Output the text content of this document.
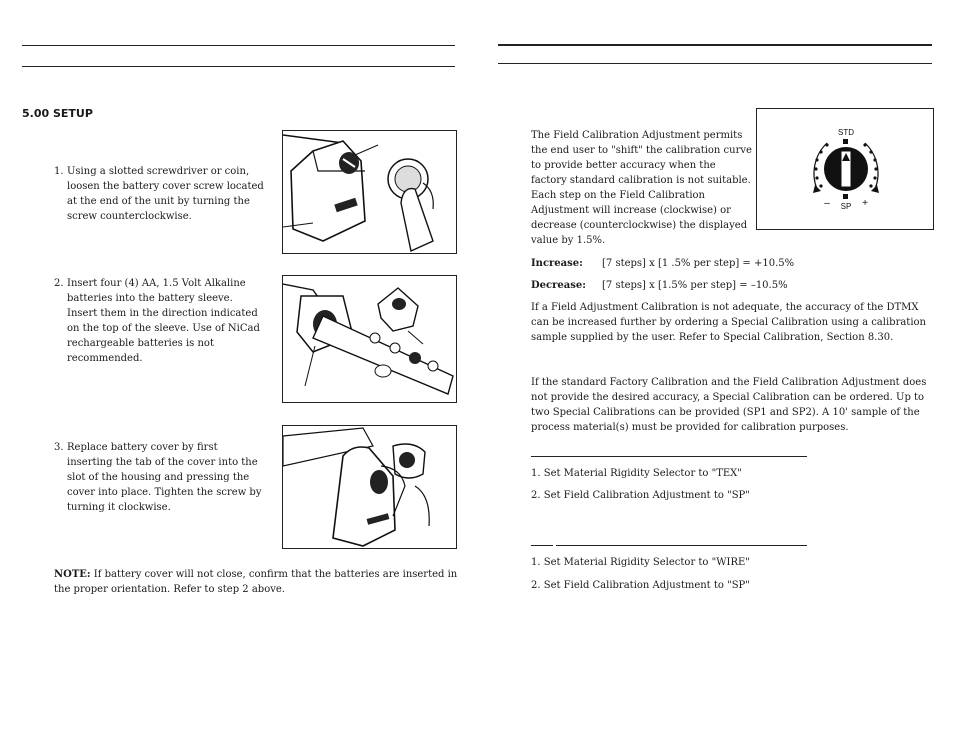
5.00 SETUP
1. Using a slotted screwdriver or coin, loosen the battery cover screw located at the end of the unit by turning the screw counterclockwise.
2. Insert four (4) AA, 1.5 Volt Alkaline batteries into the battery sleeve. Insert them in the direction indicated on the top of the sleeve. Use of NiCad rechargeable batteries is not recommended.
3. Replace battery cover by first inserting the tab of the cover into the slot of the housing and pressing the cover into place. Tighten the screw by turning it clockwise.

NOTE: If battery cover will not close, confirm that the batteries are inserted in the proper orientation. Refer to step 2 above.

The Field Calibration Adjustment permits the end user to "shift" the calibration curve to provide better accuracy when the factory standard calibration is not suitable. Each step on the Field Calibration Adjustment will increase (clockwise) or decrease (counterclockwise) the displayed value by 1.5%.

STD
– SP +
Increase: [7 steps] x [1 .5% per step] = +10.5%
Decrease: [7 steps] x [1.5% per step] = –10.5%

If a Field Adjustment Calibration is not adequate, the accuracy of the DTMX can be increased further by ordering a Special Calibration using a calibration sample supplied by the user. Refer to Special Calibration, Section 8.30.

If the standard Factory Calibration and the Field Calibration Adjustment does not provide the desired accuracy, a Special Calibration can be ordered. Up to two Special Calibrations can be provided (SP1 and SP2). A 10' sample of the process material(s) must be provided for calibration purposes.

1. Set Material Rigidity Selector to "TEX"

2. Set Field Calibration Adjustment to "SP"

1. Set Material Rigidity Selector to "WIRE"

2. Set Field Calibration Adjustment to "SP"
